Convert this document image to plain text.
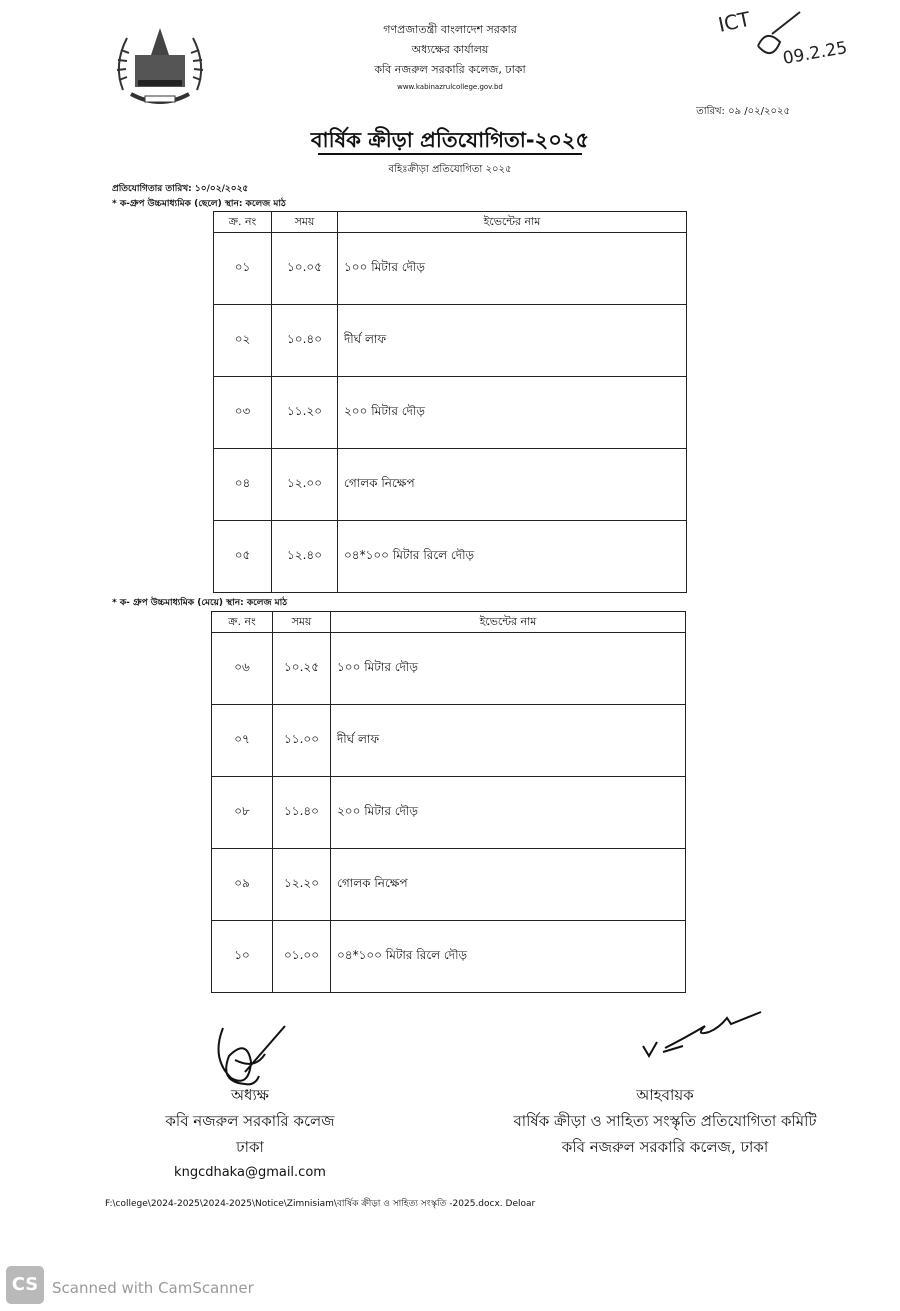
গণপ্রজাতন্ত্রী বাংলাদেশ সরকার
অধ্যক্ষের কার্যালয়
কবি নজরুল সরকারি কলেজ, ঢাকা
www.kabinazrulcollege.gov.bd
ICT
09.2.25
তারিখ: ০৯ /০২/২০২৫
বার্ষিক ক্রীড়া প্রতিযোগিতা-২০২৫
বহিঃক্রীড়া প্রতিযোগিতা ২০২৫
প্রতিযোগিতার তারিখ: ১০/০২/২০২৫
* ক-গ্রুপ উচ্চমাধ্যমিক (ছেলে) স্থান: কলেজ মাঠ
ক্র. নং	সময়	ইভেন্টের নাম
০১	১০.০৫	১০০ মিটার দৌড়
০২	১০.৪০	দীর্ঘ লাফ
০৩	১১.২০	২০০ মিটার দৌড়
০৪	১২.০০	গোলক নিক্ষেপ
০৫	১২.৪০	০৪*১০০ মিটার রিলে দৌড়
* ক- গ্রুপ উচ্চমাধ্যমিক (মেয়ে) স্থান: কলেজ মাঠ
ক্র. নং	সময়	ইভেন্টের নাম
০৬	১০.২৫	১০০ মিটার দৌড়
০৭	১১.০০	দীর্ঘ লাফ
০৮	১১.৪০	২০০ মিটার দৌড়
০৯	১২.২০	গোলক নিক্ষেপ
১০	০১.০০	০৪*১০০ মিটার রিলে দৌড়
অধ্যক্ষ
কবি নজরুল সরকারি কলেজ
ঢাকা
kngcdhaka@gmail.com
আহবায়ক
বার্ষিক ক্রীড়া ও সাহিত্য সংস্কৃতি প্রতিযোগিতা কমিটি
কবি নজরুল সরকারি কলেজ, ঢাকা
F:\college\2024-2025\2024-2025\Notice\Zimnisiam\বার্ষিক ক্রীড়া ও সাহিত্য সংস্কৃতি -2025.docx. Deloar
CS Scanned with CamScanner
